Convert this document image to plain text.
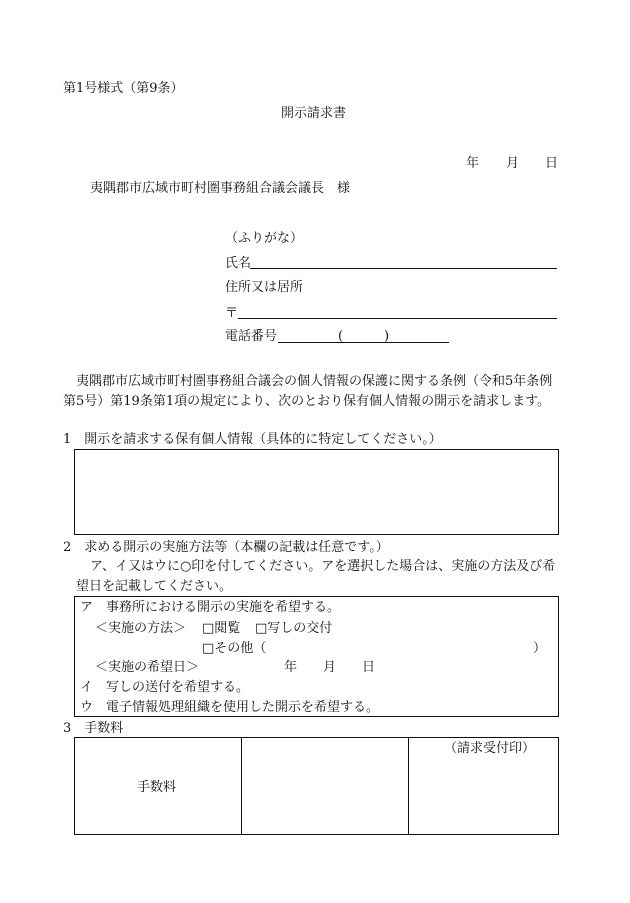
第1号様式（第9条）
開示請求書
年 月 日
夷隅郡市広域市町村圏事務組合議会議長　様
（ふりがな）
氏名
住所又は居所
〒
電話番号	(	)
夷隅郡市広域市町村圏事務組合議会の個人情報の保護に関する条例（令和5年条例
第5号）第19条第1項の規定により、次のとおり保有個人情報の開示を請求します。
1　開示を請求する保有個人情報（具体的に特定してください。）
2　求める開示の実施方法等（本欄の記載は任意です。）
ア、イ又はウに○印を付してください。アを選択した場合は、実施の方法及び希
望日を記載してください。
ア　事務所における開示の実施を希望する。
＜実施の方法＞ □閲覧 □写しの交付
□その他（	）
＜実施の希望日＞	年 月 日
イ　写しの送付を希望する。
ウ　電子情報処理組織を使用した開示を希望する。
3　手数料
手数料
（請求受付印）
